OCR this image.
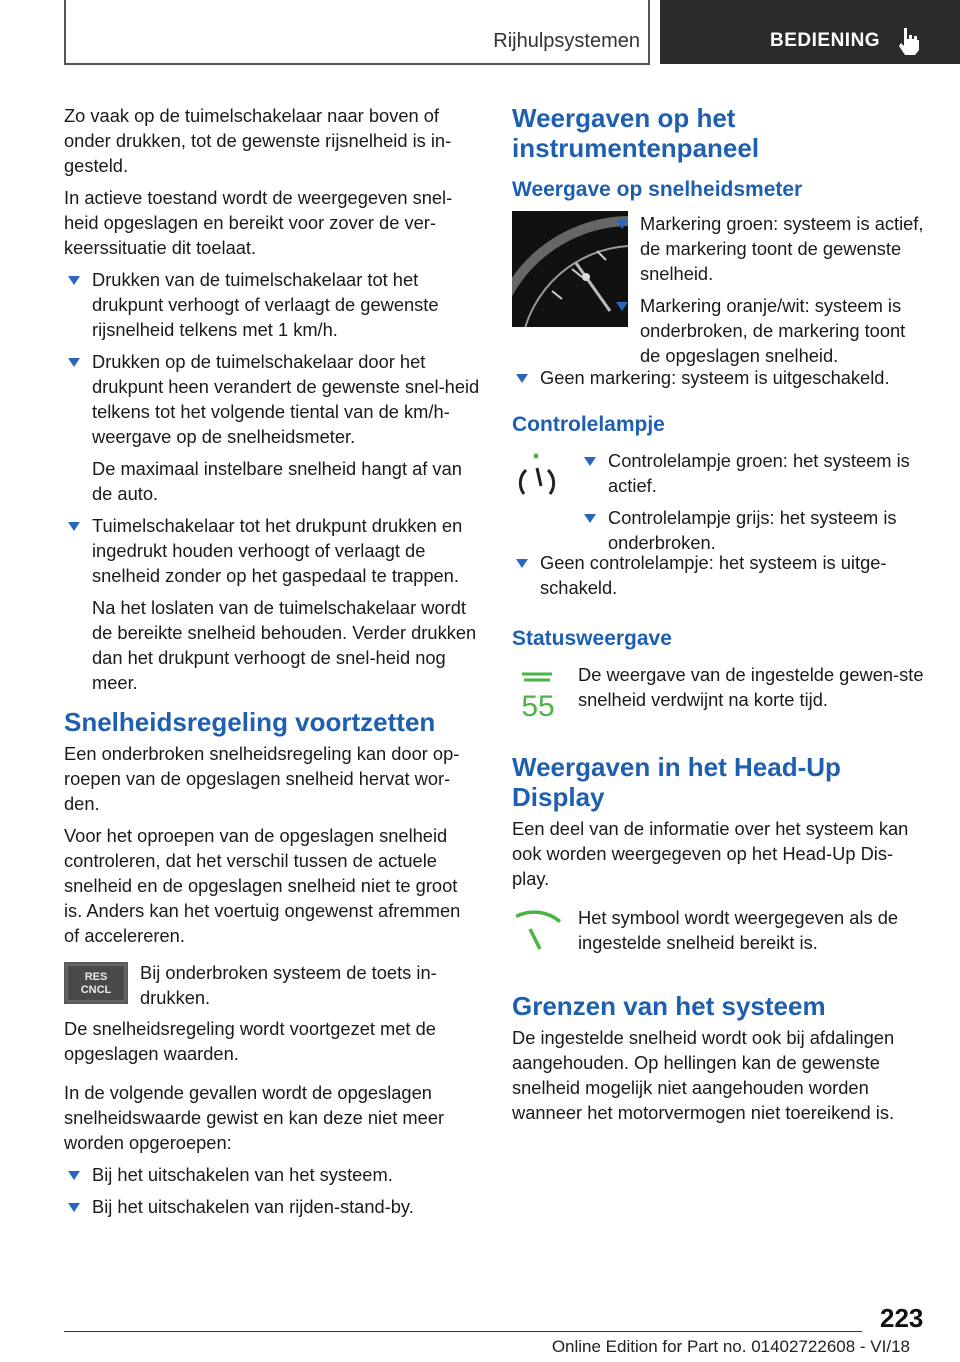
Rijhulpsystemen	BEDIENING

Zo vaak op de tuimelschakelaar naar boven of onder drukken, tot de gewenste rijsnelheid is in-gesteld.

In actieve toestand wordt de weergegeven snel-heid opgeslagen en bereikt voor zover de ver-keerssituatie dit toelaat.

Drukken van de tuimelschakelaar tot het drukpunt verhoogt of verlaagt de gewenste rijsnelheid telkens met 1 km/h.
Drukken op de tuimelschakelaar door het drukpunt heen verandert de gewenste snel-heid telkens tot het volgende tiental van de km/h-weergave op de snelheidsmeter.

De maximaal instelbare snelheid hangt af van de auto.

Tuimelschakelaar tot het drukpunt drukken en ingedrukt houden verhoogt of verlaagt de snelheid zonder op het gaspedaal te trappen.

Na het loslaten van de tuimelschakelaar wordt de bereikte snelheid behouden. Verder drukken dan het drukpunt verhoogt de snel-heid nog meer.

Snelheidsregeling voortzetten

Een onderbroken snelheidsregeling kan door op-roepen van de opgeslagen snelheid hervat wor-den.

Voor het oproepen van de opgeslagen snelheid controleren, dat het verschil tussen de actuele snelheid en de opgeslagen snelheid niet te groot is. Anders kan het voertuig ongewenst afremmen of accelereren.

RES
CNCL
Bij onderbroken systeem de toets in-drukken.

De snelheidsregeling wordt voortgezet met de opgeslagen waarden.

In de volgende gevallen wordt de opgeslagen snelheidswaarde gewist en kan deze niet meer worden opgeroepen:

Bij het uitschakelen van het systeem.
Bij het uitschakelen van rijden-stand-by.
Weergaven op het instrumentenpaneel
Weergave op snelheidsmeter
Markering groen: systeem is actief, de markering toont de gewenste snelheid.
Markering oranje/wit: systeem is onderbroken, de markering toont de opgeslagen snelheid.
Geen markering: systeem is uitgeschakeld.
Controlelampje
Controlelampje groen: het systeem is actief.
Controlelampje grijs: het systeem is onderbroken.
Geen controlelampje: het systeem is uitge-schakeld.
Statusweergave
55
De weergave van de ingestelde gewen-ste snelheid verdwijnt na korte tijd.
Weergaven in het Head-Up Display

Een deel van de informatie over het systeem kan ook worden weergegeven op het Head-Up Dis-play.

Het symbool wordt weergegeven als de ingestelde snelheid bereikt is.
Grenzen van het systeem

De ingestelde snelheid wordt ook bij afdalingen aangehouden. Op hellingen kan de gewenste snelheid mogelijk niet aangehouden worden wanneer het motorvermogen niet toereikend is.

223
Online Edition for Part no. 01402722608 - VI/18
